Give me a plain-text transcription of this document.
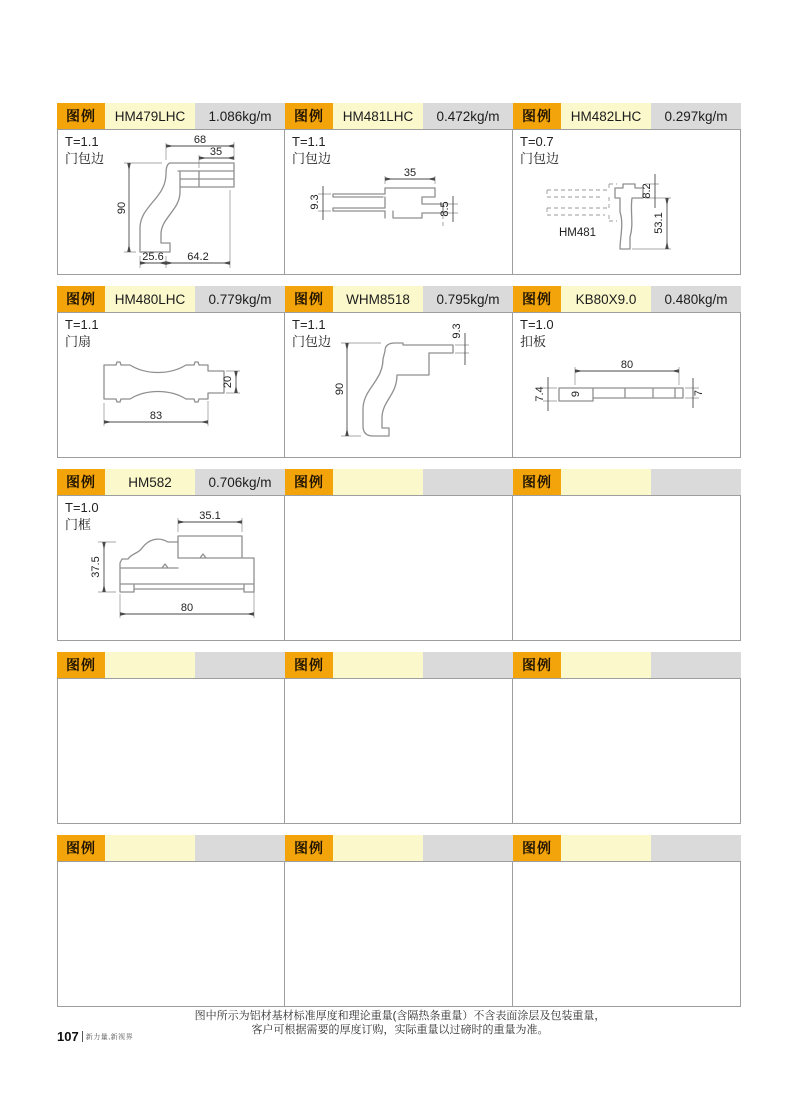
图例	HM479LHC	1.086kg/m
T=1.1
门包边
68
35
90
25.6 64.2
图例	HM481LHC	0.472kg/m
T=1.1
门包边
35
9.3	8.5
图例	HM482LHC	0.297kg/m
T=0.7
门包边
HM481
8.2
53.1
图例	HM480LHC	0.779kg/m
T=1.1
门扇
20
83
图例	WHM8518	0.795kg/m
T=1.1
门包边
9.3
90
图例	KB80X9.0	0.480kg/m
T=1.0
扣板
80
7.4 9	7
图例	HM582	0.706kg/m
T=1.0
门框
35.1
37.5
80
图例	图例
图例	图例	图例
图例	图例	图例
图中所示为铝材基材标准厚度和理论重量(含隔热条重量）不含表面涂层及包装重量，
客户可根据需要的厚度订购，实际重量以过磅时的重量为准。
107 新力量,新视界
